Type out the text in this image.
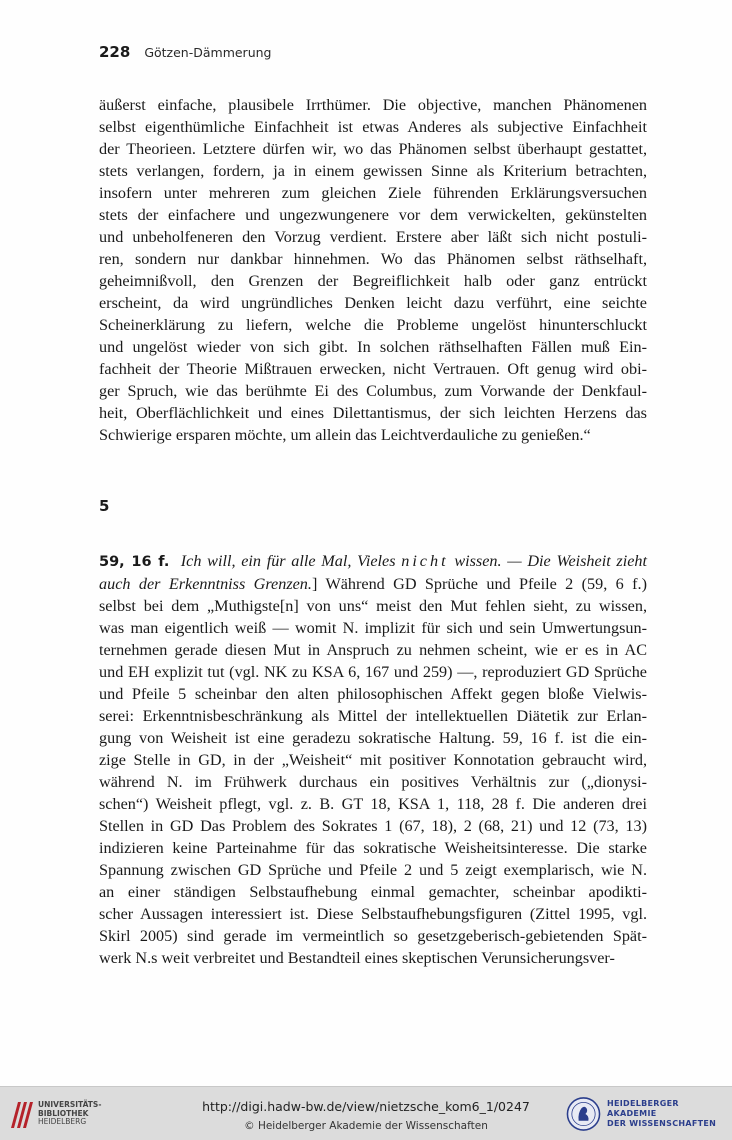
228 Götzen-Dämmerung
äußerst einfache, plausibele Irrthümer. Die objective, manchen Phänomenen
selbst eigenthümliche Einfachheit ist etwas Anderes als subjective Einfachheit
der Theorieen. Letztere dürfen wir, wo das Phänomen selbst überhaupt gestattet,
stets verlangen, fordern, ja in einem gewissen Sinne als Kriterium betrachten,
insofern unter mehreren zum gleichen Ziele führenden Erklärungsversuchen
stets der einfachere und ungezwungenere vor dem verwickelten, gekünstelten
und unbeholfeneren den Vorzug verdient. Erstere aber läßt sich nicht postuli-
ren, sondern nur dankbar hinnehmen. Wo das Phänomen selbst räthselhaft,
geheimnißvoll, den Grenzen der Begreiflichkeit halb oder ganz entrückt
erscheint, da wird ungründliches Denken leicht dazu verführt, eine seichte
Scheinerklärung zu liefern, welche die Probleme ungelöst hinunterschluckt
und ungelöst wieder von sich gibt. In solchen räthselhaften Fällen muß Ein-
fachheit der Theorie Mißtrauen erwecken, nicht Vertrauen. Oft genug wird obi-
ger Spruch, wie das berühmte Ei des Columbus, zum Vorwande der Denkfaul-
heit, Oberflächlichkeit und eines Dilettantismus, der sich leichten Herzens das
Schwierige ersparen möchte, um allein das Leichtverdauliche zu genießen.“
5
59, 16 f. Ich will, ein für alle Mal, Vieles nicht wissen. — Die Weisheit zieht
auch der Erkenntniss Grenzen.] Während GD Sprüche und Pfeile 2 (59, 6 f.)
selbst bei dem „Muthigste[n] von uns“ meist den Mut fehlen sieht, zu wissen,
was man eigentlich weiß — womit N. implizit für sich und sein Umwertungsun-
ternehmen gerade diesen Mut in Anspruch zu nehmen scheint, wie er es in AC
und EH explizit tut (vgl. NK zu KSA 6, 167 und 259) —, reproduziert GD Sprüche
und Pfeile 5 scheinbar den alten philosophischen Affekt gegen bloße Vielwis-
serei: Erkenntnisbeschränkung als Mittel der intellektuellen Diätetik zur Erlan-
gung von Weisheit ist eine geradezu sokratische Haltung. 59, 16 f. ist die ein-
zige Stelle in GD, in der „Weisheit“ mit positiver Konnotation gebraucht wird,
während N. im Frühwerk durchaus ein positives Verhältnis zur („dionysi-
schen“) Weisheit pflegt, vgl. z. B. GT 18, KSA 1, 118, 28 f. Die anderen drei
Stellen in GD Das Problem des Sokrates 1 (67, 18), 2 (68, 21) und 12 (73, 13)
indizieren keine Parteinahme für das sokratische Weisheitsinteresse. Die starke
Spannung zwischen GD Sprüche und Pfeile 2 und 5 zeigt exemplarisch, wie N.
an einer ständigen Selbstaufhebung einmal gemachter, scheinbar apodikti-
scher Aussagen interessiert ist. Diese Selbstaufhebungsfiguren (Zittel 1995, vgl.
Skirl 2005) sind gerade im vermeintlich so gesetzgeberisch-gebietenden Spät-
werk N.s weit verbreitet und Bestandteil eines skeptischen Verunsicherungsver-
UNIVERSITÄTS-
BIBLIOTHEK
HEIDELBERG
http://digi.hadw-bw.de/view/nietzsche_kom6_1/0247
© Heidelberger Akademie der Wissenschaften
HEIDELBERGER AKADEMIE
DER WISSENSCHAFTEN
